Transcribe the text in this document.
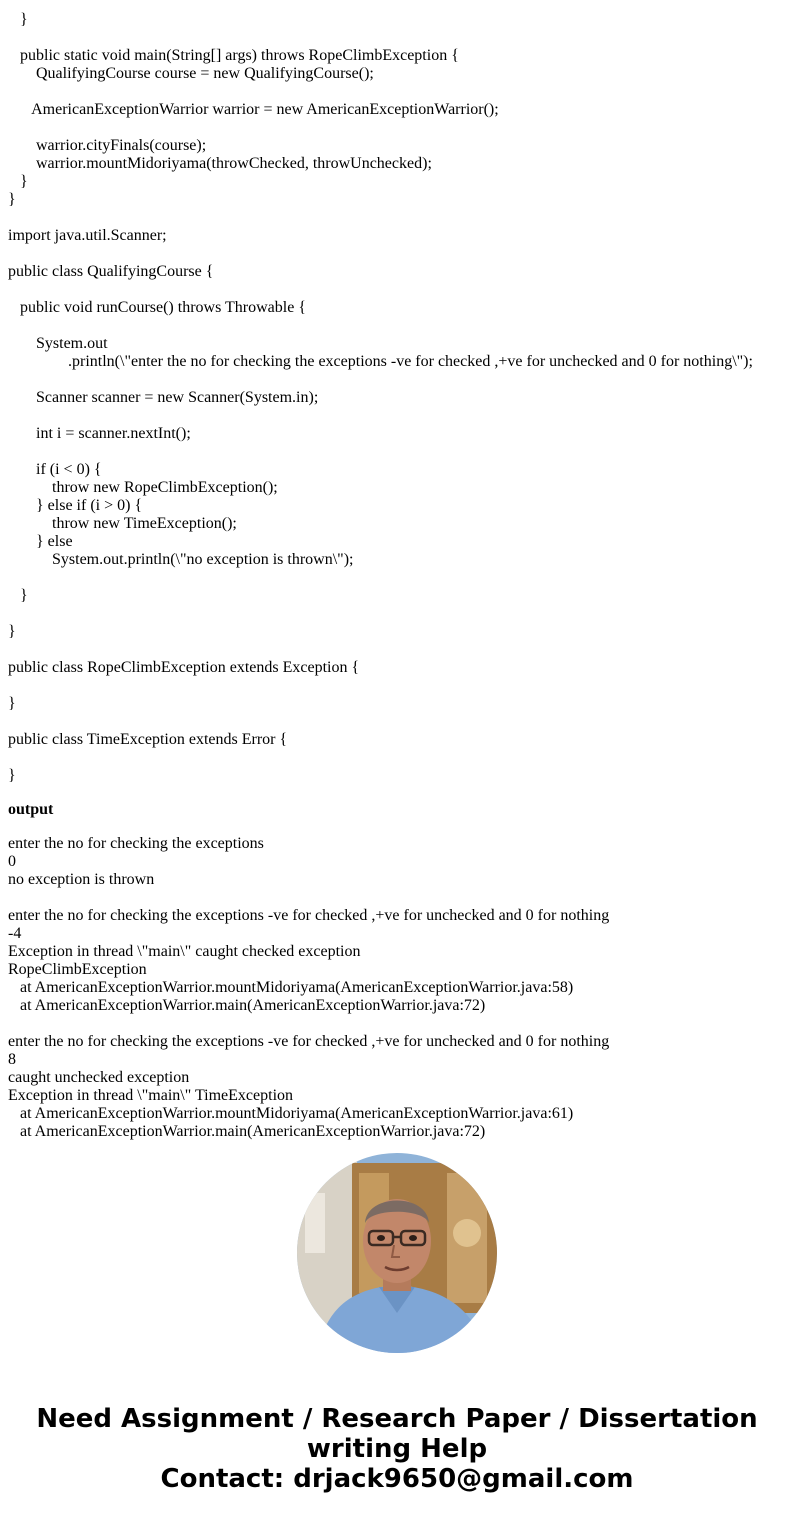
}
public static void main(String[] args) throws RopeClimbException {
QualifyingCourse course = new QualifyingCourse();
AmericanExceptionWarrior warrior = new AmericanExceptionWarrior();
warrior.cityFinals(course);
warrior.mountMidoriyama(throwChecked, throwUnchecked);
}
}
import java.util.Scanner;
public class QualifyingCourse {
public void runCourse() throws Throwable {
System.out
.println(\"enter the no for checking the exceptions -ve for checked ,+ve for unchecked and 0 for nothing\");
Scanner scanner = new Scanner(System.in);
int i = scanner.nextInt();
if (i < 0) {
throw new RopeClimbException();
} else if (i > 0) {
throw new TimeException();
} else
System.out.println(\"no exception is thrown\");
}
}
public class RopeClimbException extends Exception {
}
public class TimeException extends Error {
}
output
enter the no for checking the exceptions
0
no exception is thrown
enter the no for checking the exceptions -ve for checked ,+ve for unchecked and 0 for nothing
-4
Exception in thread \"main\" caught checked exception
RopeClimbException
at AmericanExceptionWarrior.mountMidoriyama(AmericanExceptionWarrior.java:58)
at AmericanExceptionWarrior.main(AmericanExceptionWarrior.java:72)
enter the no for checking the exceptions -ve for checked ,+ve for unchecked and 0 for nothing
8
caught unchecked exception
Exception in thread \"main\" TimeException
at AmericanExceptionWarrior.mountMidoriyama(AmericanExceptionWarrior.java:61)
at AmericanExceptionWarrior.main(AmericanExceptionWarrior.java:72)
Need Assignment / Research Paper / Dissertation
writing Help
Contact: drjack9650@gmail.com
